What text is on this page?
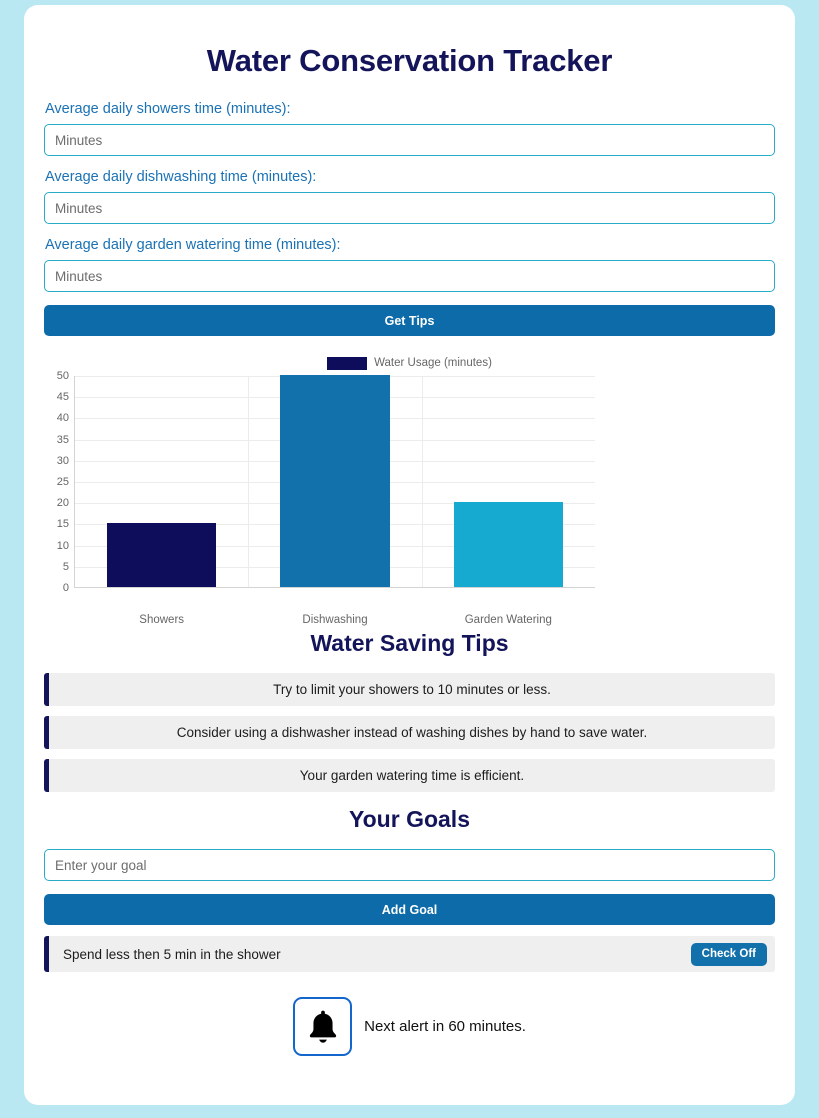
Water Conservation Tracker
Average daily showers time (minutes):
Minutes
Average daily dishwashing time (minutes):
Minutes
Average daily garden watering time (minutes):
Minutes
Get Tips
Water Usage (minutes)
0
5
10
15
20
25
30
35
40
45
50
Showers	Dishwashing	Garden Watering
Water Saving Tips
Try to limit your showers to 10 minutes or less.
Consider using a dishwasher instead of washing dishes by hand to save water.
Your garden watering time is efficient.
Your Goals
Enter your goal
Add Goal
Spend less then 5 min in the shower	Check Off
Next alert in 60 minutes.
